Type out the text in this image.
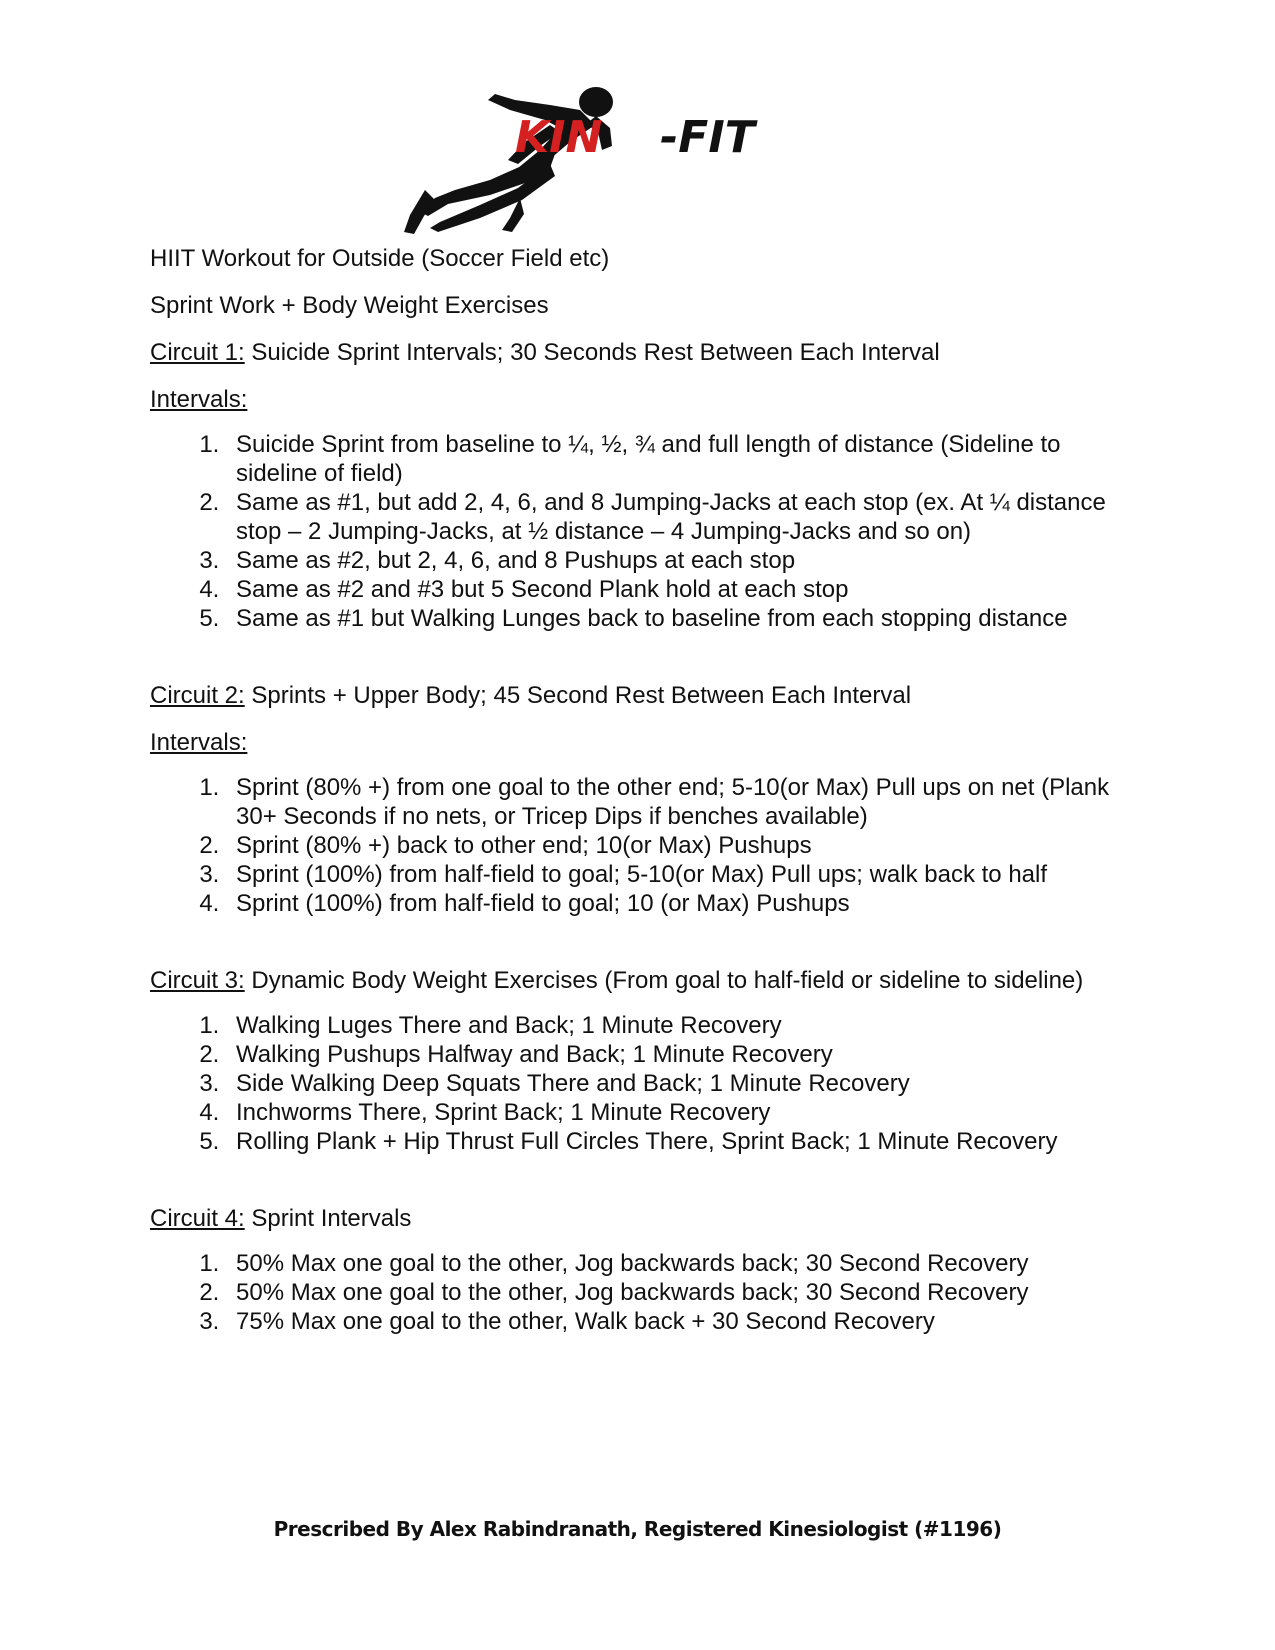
KIN -FIT

HIIT Workout for Outside (Soccer Field etc)

Sprint Work + Body Weight Exercises

Circuit 1: Suicide Sprint Intervals; 30 Seconds Rest Between Each Interval

Intervals:

1. Suicide Sprint from baseline to ¼, ½, ¾ and full length of distance (Sideline to sideline of field)
2. Same as #1, but add 2, 4, 6, and 8 Jumping-Jacks at each stop (ex. At ¼ distance stop – 2 Jumping-Jacks, at ½ distance – 4 Jumping-Jacks and so on)
3. Same as #2, but 2, 4, 6, and 8 Pushups at each stop
4. Same as #2 and #3 but 5 Second Plank hold at each stop
5. Same as #1 but Walking Lunges back to baseline from each stopping distance

Circuit 2: Sprints + Upper Body; 45 Second Rest Between Each Interval

Intervals:

1. Sprint (80% +) from one goal to the other end; 5-10(or Max) Pull ups on net (Plank 30+ Seconds if no nets, or Tricep Dips if benches available)
2. Sprint (80% +) back to other end; 10(or Max) Pushups
3. Sprint (100%) from half-field to goal; 5-10(or Max) Pull ups; walk back to half
4. Sprint (100%) from half-field to goal; 10 (or Max) Pushups

Circuit 3: Dynamic Body Weight Exercises (From goal to half-field or sideline to sideline)

1. Walking Luges There and Back; 1 Minute Recovery
2. Walking Pushups Halfway and Back; 1 Minute Recovery
3. Side Walking Deep Squats There and Back; 1 Minute Recovery
4. Inchworms There, Sprint Back; 1 Minute Recovery
5. Rolling Plank + Hip Thrust Full Circles There, Sprint Back; 1 Minute Recovery

Circuit 4: Sprint Intervals

1. 50% Max one goal to the other, Jog backwards back; 30 Second Recovery
2. 50% Max one goal to the other, Jog backwards back; 30 Second Recovery
3. 75% Max one goal to the other, Walk back + 30 Second Recovery
Prescribed By Alex Rabindranath, Registered Kinesiologist (#1196)
